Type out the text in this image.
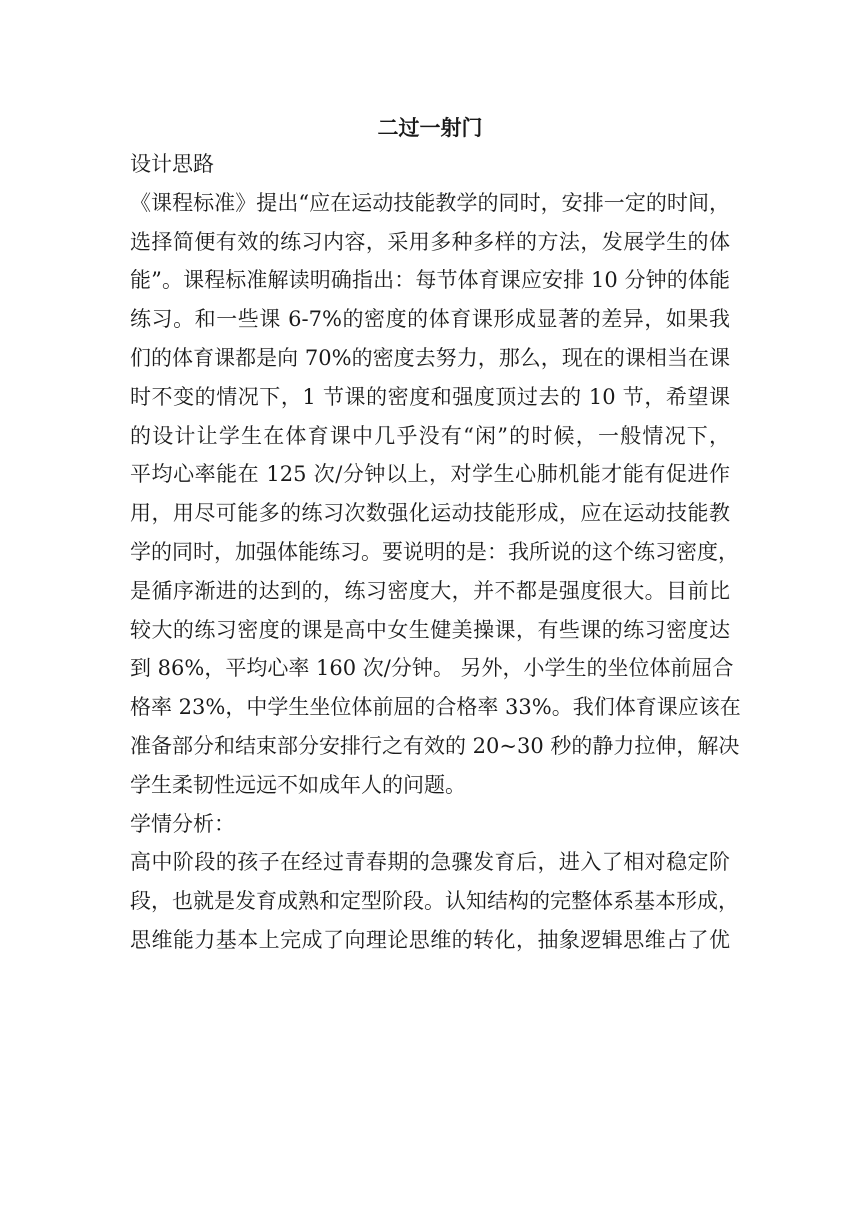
二过一射门
设计思路
《课程标准》提出“应在运动技能教学的同时，安排一定的时间，
选择简便有效的练习内容，采用多种多样的方法，发展学生的体
能”。课程标准解读明确指出：每节体育课应安排 10 分钟的体能
练习。和一些课 6-7%的密度的体育课形成显著的差异，如果我
们的体育课都是向 70%的密度去努力，那么，现在的课相当在课
时不变的情况下，1 节课的密度和强度顶过去的 10 节，希望课
的设计让学生在体育课中几乎没有“闲”的时候，一般情况下，
平均心率能在 125 次/分钟以上，对学生心肺机能才能有促进作
用，用尽可能多的练习次数强化运动技能形成，应在运动技能教
学的同时，加强体能练习。要说明的是：我所说的这个练习密度，
是循序渐进的达到的，练习密度大，并不都是强度很大。目前比
较大的练习密度的课是高中女生健美操课，有些课的练习密度达
到 86%，平均心率 160 次/分钟。 另外，小学生的坐位体前屈合
格率 23%，中学生坐位体前屈的合格率 33%。我们体育课应该在
准备部分和结束部分安排行之有效的 20~30 秒的静力拉伸，解决
学生柔韧性远远不如成年人的问题。
学情分析：
高中阶段的孩子在经过青春期的急骤发育后，进入了相对稳定阶
段，也就是发育成熟和定型阶段。认知结构的完整体系基本形成，
思维能力基本上完成了向理论思维的转化，抽象逻辑思维占了优
